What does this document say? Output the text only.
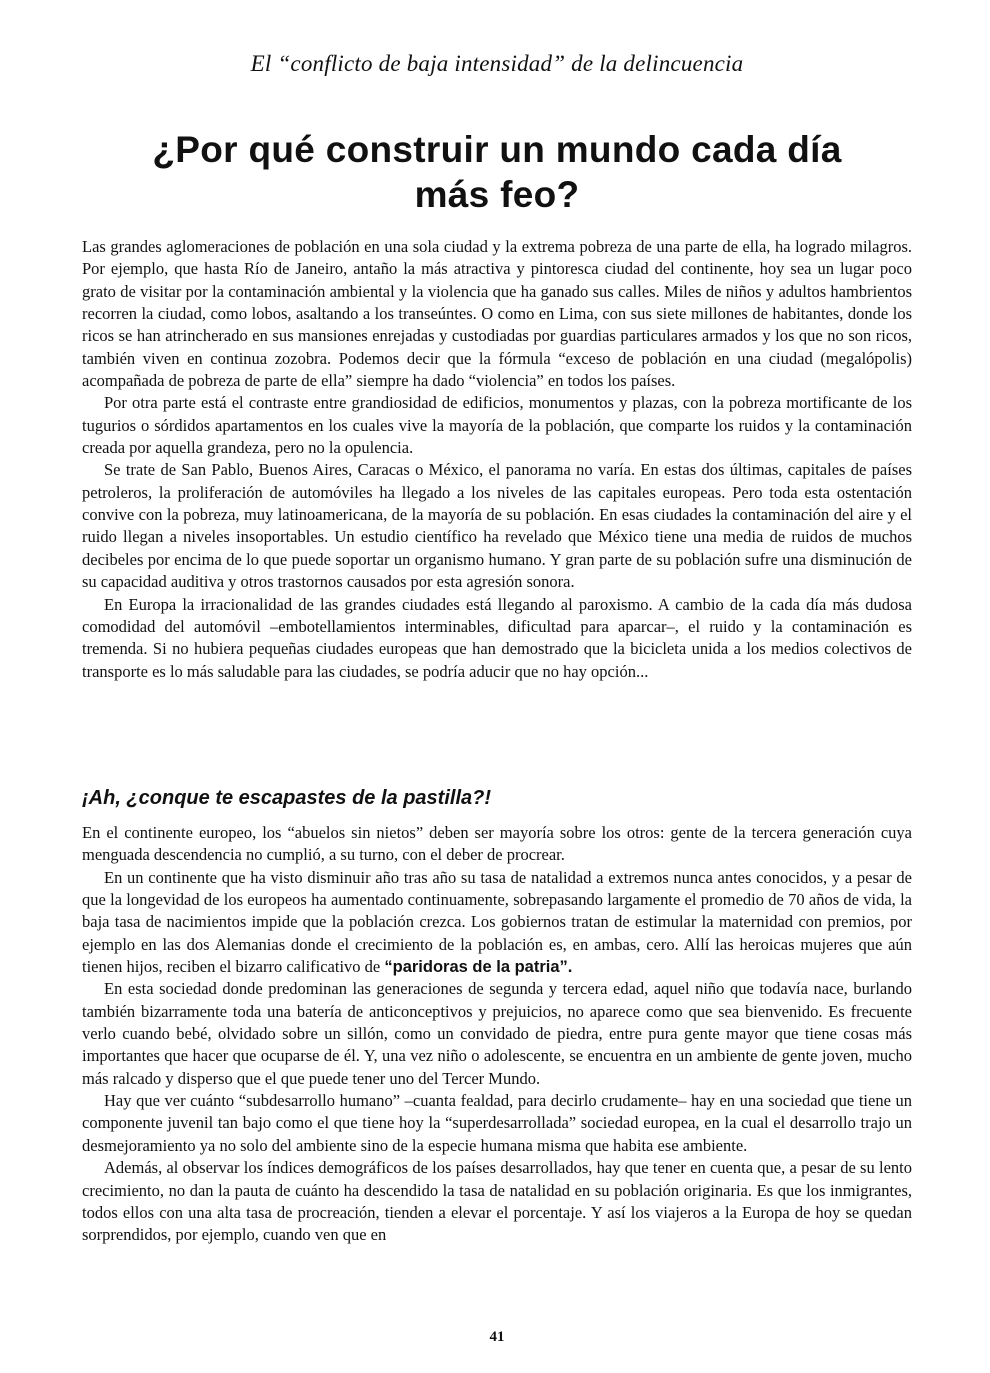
El “conflicto de baja intensidad” de la delincuencia
¿Por qué construir un mundo cada día
más feo?

Las grandes aglomeraciones de población en una sola ciudad y la extrema pobreza de una parte de ella, ha logrado milagros. Por ejemplo, que hasta Río de Janeiro, antaño la más atractiva y pintoresca ciudad del continente, hoy sea un lugar poco grato de visitar por la contaminación ambiental y la violencia que ha ganado sus calles. Miles de niños y adultos hambrientos recorren la ciudad, como lobos, asaltando a los transeúntes. O como en Lima, con sus siete millones de habitantes, donde los ricos se han atrincherado en sus mansiones enrejadas y custodiadas por guardias particulares armados y los que no son ricos, también viven en continua zozobra. Podemos decir que la fórmula “exceso de población en una ciudad (megalópolis) acompañada de pobreza de parte de ella” siempre ha dado “violencia” en todos los países.

Por otra parte está el contraste entre grandiosidad de edificios, monumentos y plazas, con la pobreza mortificante de los tugurios o sórdidos apartamentos en los cuales vive la mayoría de la población, que comparte los ruidos y la contaminación creada por aquella grandeza, pero no la opulencia.

Se trate de San Pablo, Buenos Aires, Caracas o México, el panorama no varía. En estas dos últimas, capitales de países petroleros, la proliferación de automóviles ha llegado a los niveles de las capitales europeas. Pero toda esta ostentación convive con la pobreza, muy latinoamericana, de la mayoría de su población. En esas ciudades la contaminación del aire y el ruido llegan a niveles insoportables. Un estudio científico ha revelado que México tiene una media de ruidos de muchos decibeles por encima de lo que puede soportar un organismo humano. Y gran parte de su población sufre una disminución de su capacidad auditiva y otros trastornos causados por esta agresión sonora.

En Europa la irracionalidad de las grandes ciudades está llegando al paroxismo. A cambio de la cada día más dudosa comodidad del automóvil –embotellamientos interminables, dificultad para aparcar–, el ruido y la contaminación es tremenda. Si no hubiera pequeñas ciudades europeas que han demostrado que la bicicleta unida a los medios colectivos de transporte es lo más saludable para las ciudades, se podría aducir que no hay opción...

¡Ah, ¿conque te escapastes de la pastilla?!

En el continente europeo, los “abuelos sin nietos” deben ser mayoría sobre los otros: gente de la tercera generación cuya menguada descendencia no cumplió, a su turno, con el deber de procrear.

En un continente que ha visto disminuir año tras año su tasa de natalidad a extremos nunca antes conocidos, y a pesar de que la longevidad de los europeos ha aumentado continuamente, sobrepasando largamente el promedio de 70 años de vida, la baja tasa de nacimientos impide que la población crezca. Los gobiernos tratan de estimular la maternidad con premios, por ejemplo en las dos Alemanias donde el crecimiento de la población es, en ambas, cero. Allí las heroicas mujeres que aún tienen hijos, reciben el bizarro calificativo de “paridoras de la patria”.

En esta sociedad donde predominan las generaciones de segunda y tercera edad, aquel niño que todavía nace, burlando también bizarramente toda una batería de anticonceptivos y prejuicios, no aparece como que sea bienvenido. Es frecuente verlo cuando bebé, olvidado sobre un sillón, como un convidado de piedra, entre pura gente mayor que tiene cosas más importantes que hacer que ocuparse de él. Y, una vez niño o adolescente, se encuentra en un ambiente de gente joven, mucho más ralcado y disperso que el que puede tener uno del Tercer Mundo.

Hay que ver cuánto “subdesarrollo humano” –cuanta fealdad, para decirlo crudamente– hay en una sociedad que tiene un componente juvenil tan bajo como el que tiene hoy la “superdesarrollada” sociedad europea, en la cual el desarrollo trajo un desmejoramiento ya no solo del ambiente sino de la especie humana misma que habita ese ambiente.

Además, al observar los índices demográficos de los países desarrollados, hay que tener en cuenta que, a pesar de su lento crecimiento, no dan la pauta de cuánto ha descendido la tasa de natalidad en su población originaria. Es que los inmigrantes, todos ellos con una alta tasa de procreación, tienden a elevar el porcentaje. Y así los viajeros a la Europa de hoy se quedan sorprendidos, por ejemplo, cuando ven que en

41
